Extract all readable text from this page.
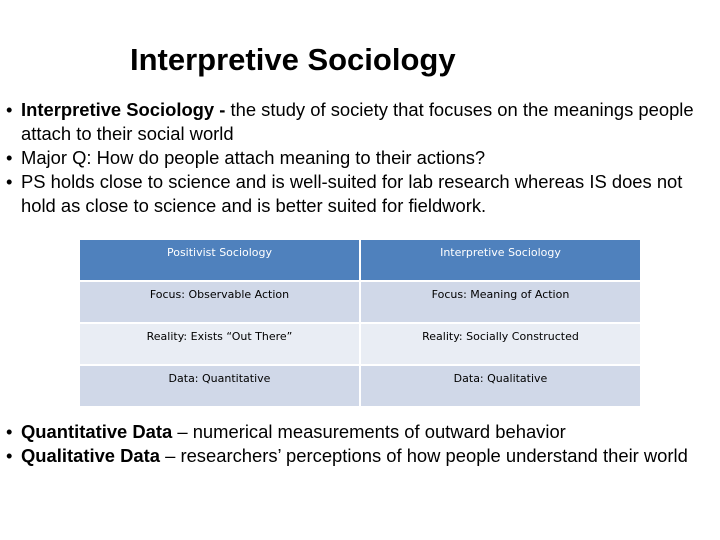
Interpretive Sociology
• Interpretive Sociology - the study of society that focuses on the meanings people attach to their social world
• Major Q: How do people attach meaning to their actions?
• PS holds close to science and is well-suited for lab research whereas IS does not hold as close to science and is better suited for fieldwork.
Positivist Sociology	Interpretive Sociology
Focus: Observable Action	Focus: Meaning of Action
Reality: Exists “Out There”	Reality: Socially Constructed
Data: Quantitative	Data: Qualitative
• Quantitative Data – numerical measurements of outward behavior
• Qualitative Data – researchers’ perceptions of how people understand their world
